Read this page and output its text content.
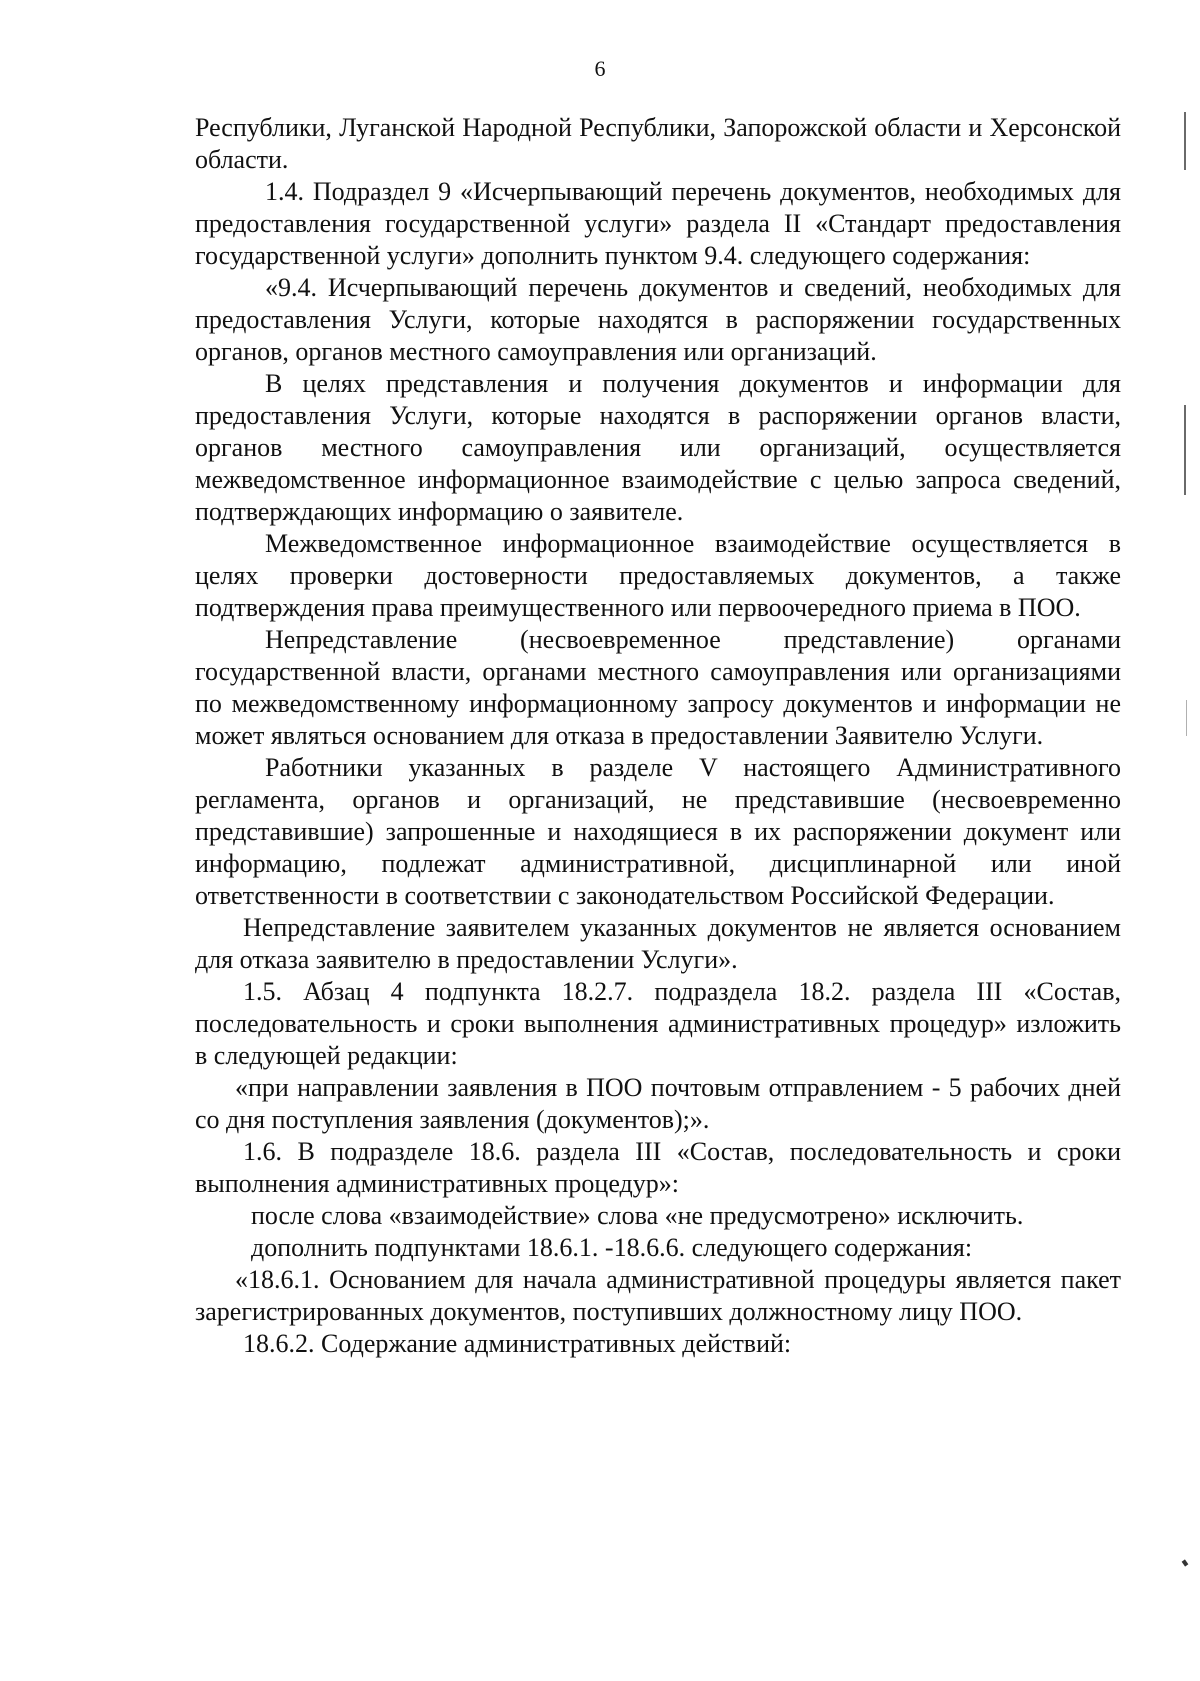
6

Республики, Луганской Народной Республики, Запорожской области и Херсонской области.

1.4. Подраздел 9 «Исчерпывающий перечень документов, необходимых для предоставления государственной услуги» раздела II «Стандарт предоставления государственной услуги» дополнить пунктом 9.4. следующего содержания:

«9.4. Исчерпывающий перечень документов и сведений, необходимых для предоставления Услуги, которые находятся в распоряжении государственных органов, органов местного самоуправления или организаций.

В целях представления и получения документов и информации для предоставления Услуги, которые находятся в распоряжении органов власти, органов местного самоуправления или организаций, осуществляется межведомственное информационное взаимодействие с целью запроса сведений, подтверждающих информацию о заявителе.

Межведомственное информационное взаимодействие осуществляется в целях проверки достоверности предоставляемых документов, а также подтверждения права преимущественного или первоочередного приема в ПОО.

Непредставление (несвоевременное представление) органами государственной власти, органами местного самоуправления или организациями по межведомственному информационному запросу документов и информации не может являться основанием для отказа в предоставлении Заявителю Услуги.

Работники указанных в разделе V настоящего Административного регламента, органов и организаций, не представившие (несвоевременно представившие) запрошенные и находящиеся в их распоряжении документ или информацию, подлежат административной, дисциплинарной или иной ответственности в соответствии с законодательством Российской Федерации.

Непредставление заявителем указанных документов не является основанием для отказа заявителю в предоставлении Услуги».

1.5. Абзац 4 подпункта 18.2.7. подраздела 18.2. раздела III «Состав, последовательность и сроки выполнения административных процедур» изложить в следующей редакции:

«при направлении заявления в ПОО почтовым отправлением - 5 рабочих дней со дня поступления заявления (документов);».

1.6. В подразделе 18.6. раздела III «Состав, последовательность и сроки выполнения административных процедур»:

после слова «взаимодействие» слова «не предусмотрено» исключить.

дополнить подпунктами 18.6.1. -18.6.6. следующего содержания:

«18.6.1. Основанием для начала административной процедуры является пакет зарегистрированных документов, поступивших должностному лицу ПОО.

18.6.2. Содержание административных действий:
